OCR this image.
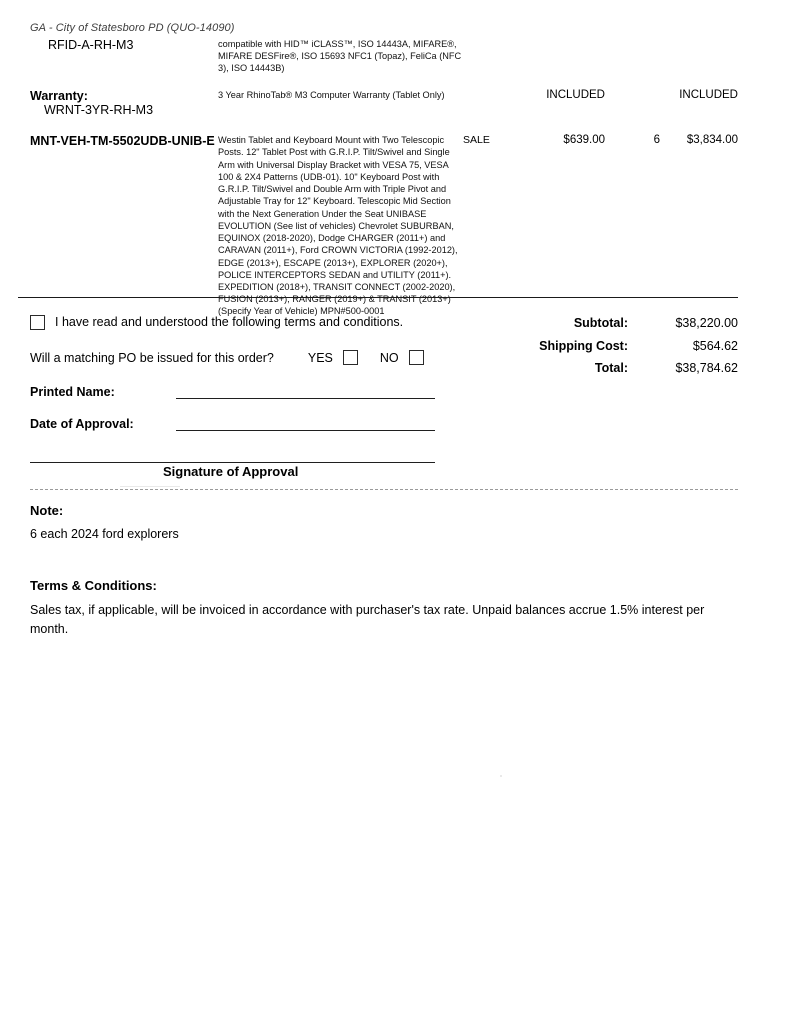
GA - City of Statesboro PD (QUO-14090)
RFID-A-RH-M3	compatible with HID™ iCLASS™, ISO 14443A, MIFARE®, MIFARE DESFire®, ISO 15693 NFC1 (Topaz), FeliCa (NFC 3), ISO 14443B)				

Warranty:
WRNT-3YR-RH-M3	3 Year RhinoTab® M3 Computer Warranty (Tablet Only)		INCLUDED		INCLUDED
MNT-VEH-TM-5502UDB-UNIB-E	Westin Tablet and Keyboard Mount with Two Telescopic Posts. 12" Tablet Post with G.R.I.P. Tilt/Swivel and Single Arm with Universal Display Bracket with VESA 75, VESA 100 & 2X4 Patterns (UDB-01). 10" Keyboard Post with G.R.I.P. Tilt/Swivel and Double Arm with Triple Pivot and Adjustable Tray for 12" Keyboard. Telescopic Mid Section with the Next Generation Under the Seat UNIBASE EVOLUTION (See list of vehicles) Chevrolet SUBURBAN, EQUINOX (2018-2020), Dodge CHARGER (2011+) and CARAVAN (2011+), Ford CROWN VICTORIA (1992-2012), EDGE (2013+), ESCAPE (2013+), EXPLORER (2020+), POLICE INTERCEPTORS SEDAN and UTILITY (2011+). EXPEDITION (2018+), TRANSIT CONNECT (2002-2020), FUSION (2013+), RANGER (2019+) & TRANSIT (2013+) (Specify Year of Vehicle) MPN#500-0001	SALE	$639.00	6	$3,834.00
Subtotal:	$38,220.00
Shipping Cost:	$564.62
Total:	$38,784.62
I have read and understood the following terms and conditions.
Will a matching PO be issued for this order?	YES	NO
Printed Name:
Date of Approval:
Signature of Approval
Note:
6 each 2024 ford explorers
Terms & Conditions:
Sales tax, if applicable, will be invoiced in accordance with purchaser's tax rate. Unpaid balances accrue 1.5% interest per month.
